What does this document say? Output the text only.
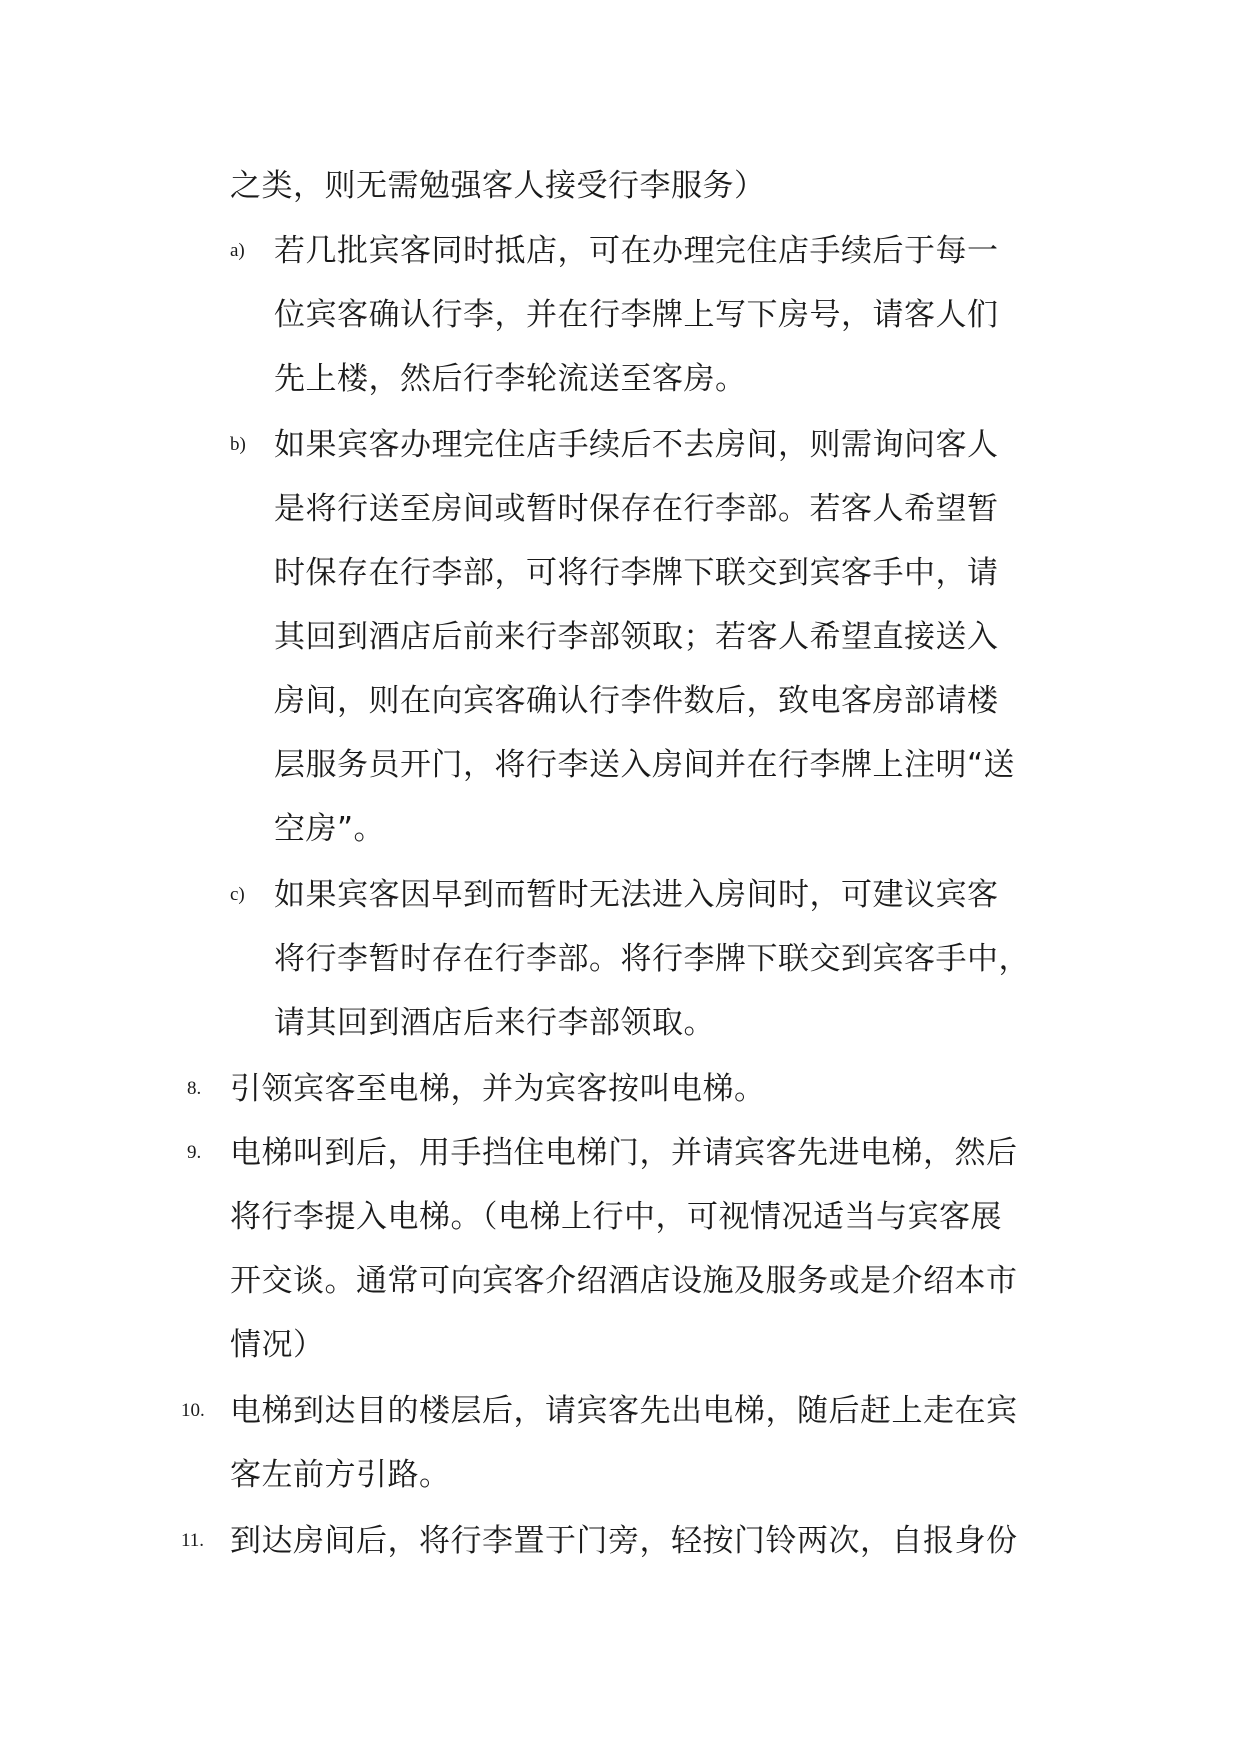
之类，则无需勉强客人接受行李服务）
a) 若几批宾客同时抵店，可在办理完住店手续后于每一
位宾客确认行李，并在行李牌上写下房号，请客人们
先上楼，然后行李轮流送至客房。
b) 如果宾客办理完住店手续后不去房间，则需询问客人
是将行送至房间或暂时保存在行李部。若客人希望暂
时保存在行李部，可将行李牌下联交到宾客手中，请
其回到酒店后前来行李部领取；若客人希望直接送入
房间，则在向宾客确认行李件数后，致电客房部请楼
层服务员开门，将行李送入房间并在行李牌上注明“送
空房”。
c) 如果宾客因早到而暂时无法进入房间时，可建议宾客
将行李暂时存在行李部。将行李牌下联交到宾客手中，
请其回到酒店后来行李部领取。
8. 引领宾客至电梯，并为宾客按叫电梯。
9. 电梯叫到后，用手挡住电梯门，并请宾客先进电梯，然后
将行李提入电梯。（电梯上行中，可视情况适当与宾客展
开交谈。通常可向宾客介绍酒店设施及服务或是介绍本市
情况）
10. 电梯到达目的楼层后，请宾客先出电梯，随后赶上走在宾
客左前方引路。
11. 到达房间后，将行李置于门旁，轻按门铃两次，自报身份
